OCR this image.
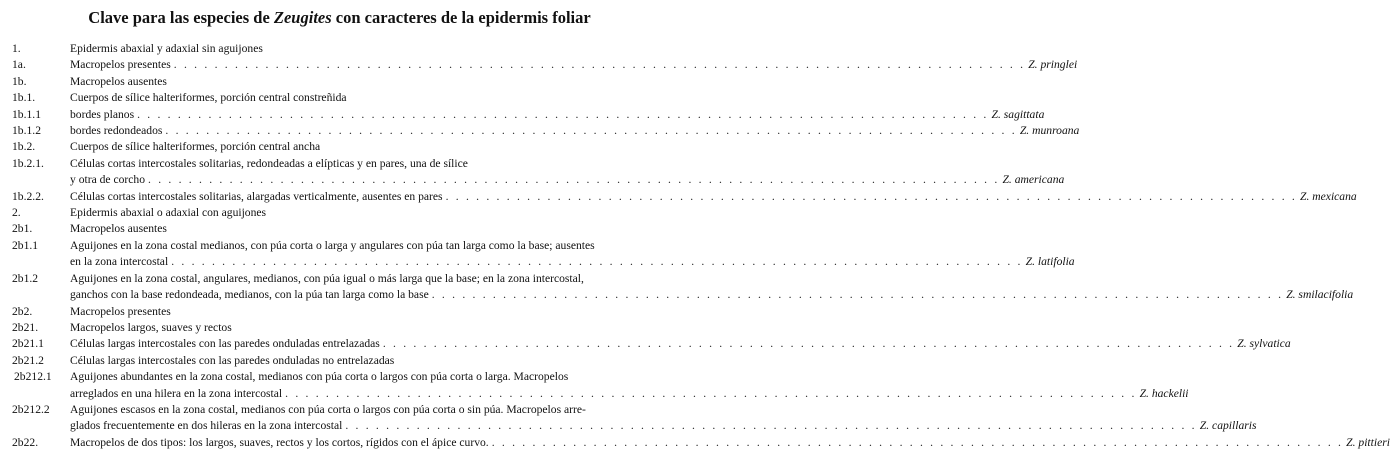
Clave para las especies de Zeugites con caracteres de la epidermis foliar
1.	Epidermis abaxial y adaxial sin aguijones
1a.	Macropelos presentes . . . . . . . . . . . . . . . . . . . . . . . . . . . . . . . . . . . . . . . . . . . . . . . . . . . . . . . . . . . . . . . . . . . . . . . . . . . . . . . . . . . . Z. pringlei
1b.	Macropelos ausentes
1b.1.	Cuerpos de sílice halteriformes, porción central constreñida
1b.1.1	bordes planos . . . . . . . . . . . . . . . . . . . . . . . . . . . . . . . . . . . . . . . . . . . . . . . . . . . . . . . . . . . . . . . . . . . . . . . . . . . . . . . . . . . . Z. sagittata
1b.1.2	bordes redondeados . . . . . . . . . . . . . . . . . . . . . . . . . . . . . . . . . . . . . . . . . . . . . . . . . . . . . . . . . . . . . . . . . . . . . . . . . . . . . . . . . . . . Z. munroana
1b.2.	Cuerpos de sílice halteriformes, porción central ancha
1b.2.1.	Células cortas intercostales solitarias, redondeadas a elípticas y en pares, una de sílice
y otra de corcho . . . . . . . . . . . . . . . . . . . . . . . . . . . . . . . . . . . . . . . . . . . . . . . . . . . . . . . . . . . . . . . . . . . . . . . . . . . . . . . . . . . . Z. americana
1b.2.2.	Células cortas intercostales solitarias, alargadas verticalmente, ausentes en pares . . . . . . . . . . . . . . . . . . . . . . . . . . . . . . . . . . . . . . . . . . . . . . . . . . . . . . . . . . . . . . . . . . . . . . . . . . . . . . . . . . . . Z. mexicana
2.	Epidermis abaxial o adaxial con aguijones
2b1.	Macropelos ausentes
2b1.1	Aguijones en la zona costal medianos, con púa corta o larga y angulares con púa tan larga como la base; ausentes
en la zona intercostal . . . . . . . . . . . . . . . . . . . . . . . . . . . . . . . . . . . . . . . . . . . . . . . . . . . . . . . . . . . . . . . . . . . . . . . . . . . . . . . . . . . . Z. latifolia
2b1.2	Aguijones en la zona costal, angulares, medianos, con púa igual o más larga que la base; en la zona intercostal,
ganchos con la base redondeada, medianos, con la púa tan larga como la base . . . . . . . . . . . . . . . . . . . . . . . . . . . . . . . . . . . . . . . . . . . . . . . . . . . . . . . . . . . . . . . . . . . . . . . . . . . . . . . . . . . . Z. smilacifolia
2b2.	Macropelos presentes
2b21.	Macropelos largos, suaves y rectos
2b21.1	Células largas intercostales con las paredes onduladas entrelazadas . . . . . . . . . . . . . . . . . . . . . . . . . . . . . . . . . . . . . . . . . . . . . . . . . . . . . . . . . . . . . . . . . . . . . . . . . . . . . . . . . . . . Z. sylvatica
2b21.2	Células largas intercostales con las paredes onduladas no entrelazadas
2b212.1	Aguijones abundantes en la zona costal, medianos con púa corta o largos con púa corta o larga. Macropelos
arreglados en una hilera en la zona intercostal . . . . . . . . . . . . . . . . . . . . . . . . . . . . . . . . . . . . . . . . . . . . . . . . . . . . . . . . . . . . . . . . . . . . . . . . . . . . . . . . . . . . Z. hackelii
2b212.2	Aguijones escasos en la zona costal, medianos con púa corta o largos con púa corta o sin púa. Macropelos arre-
glados frecuentemente en dos hileras en la zona intercostal . . . . . . . . . . . . . . . . . . . . . . . . . . . . . . . . . . . . . . . . . . . . . . . . . . . . . . . . . . . . . . . . . . . . . . . . . . . . . . . . . . . . Z. capillaris
2b22.	Macropelos de dos tipos: los largos, suaves, rectos y los cortos, rígidos con el ápice curvo. . . . . . . . . . . . . . . . . . . . . . . . . . . . . . . . . . . . . . . . . . . . . . . . . . . . . . . . . . . . . . . . . . . . . . . . . . . . . . . . . . . . . Z. pittieri
